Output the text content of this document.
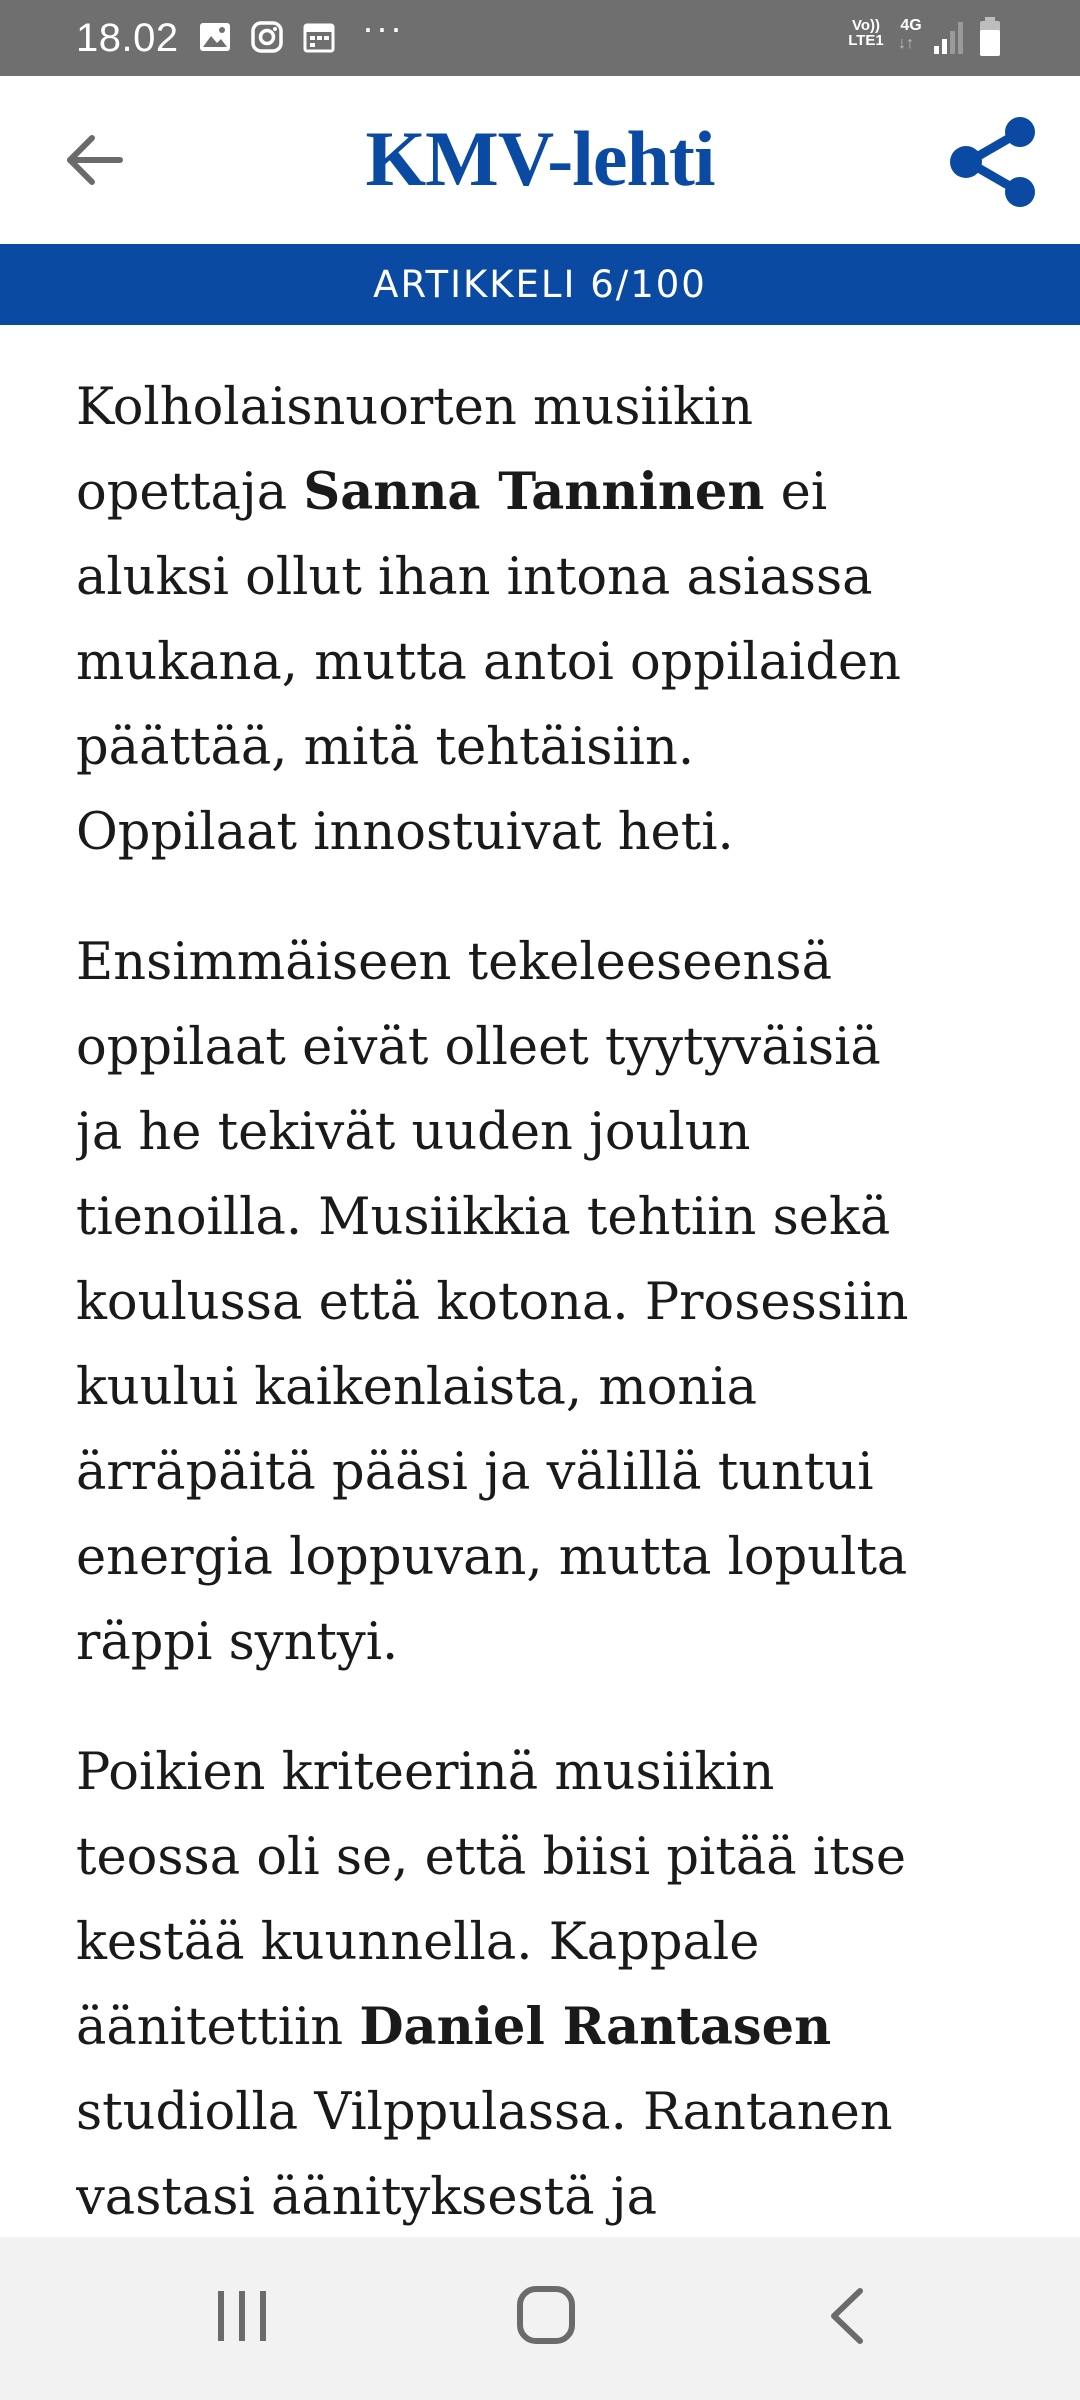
18.02	···	Vo)) LTE1
4G
↓↑
KMV-lehti
ARTIKKELI 6/100

Kolholaisnuorten musiikin
opettaja Sanna Tanninen ei
aluksi ollut ihan intona asiassa
mukana, mutta antoi oppilaiden
päättää, mitä tehtäisiin.
Oppilaat innostuivat heti.

Ensimmäiseen tekeleeseensä
oppilaat eivät olleet tyytyväisiä
ja he tekivät uuden joulun
tienoilla. Musiikkia tehtiin sekä
koulussa että kotona. Prosessiin
kuului kaikenlaista, monia
ärräpäitä pääsi ja välillä tuntui
energia loppuvan, mutta lopulta
räppi syntyi.

Poikien kriteerinä musiikin
teossa oli se, että biisi pitää itse
kestää kuunnella. Kappale
äänitettiin Daniel Rantasen
studiolla Vilppulassa. Rantanen
vastasi äänityksestä ja
